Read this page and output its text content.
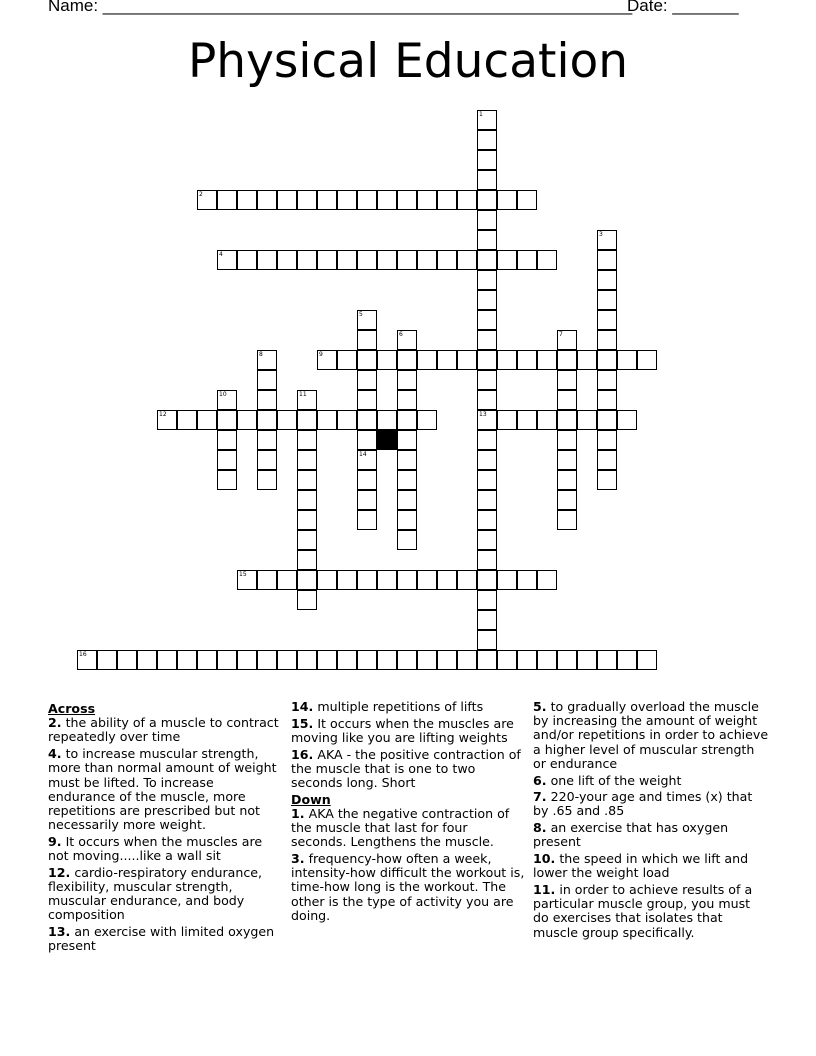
Name: ________________________________________________________
Date: _______
Physical Education
1
13
2
3
4
5
14
6	7
8	9
10	11
12
15
16
Across
2. the ability of a muscle to contract repeatedly over time
4. to increase muscular strength, more than normal amount of weight must be lifted. To increase endurance of the muscle, more repetitions are prescribed but not necessarily more weight.
9. It occurs when the muscles are not moving.....like a wall sit
12. cardio-respiratory endurance, flexibility, muscular strength, muscular endurance, and body composition
13. an exercise with limited oxygen present
14. multiple repetitions of lifts
15. It occurs when the muscles are moving like you are lifting weights
16. AKA - the positive contraction of the muscle that is one to two seconds long. Short
Down
1. AKA the negative contraction of the muscle that last for four seconds. Lengthens the muscle.
3. frequency-how often a week, intensity-how difficult the workout is, time-how long is the workout. The other is the type of activity you are doing.
5. to gradually overload the muscle by increasing the amount of weight and/or repetitions in order to achieve a higher level of muscular strength or endurance
6. one lift of the weight
7. 220-your age and times (x) that by .65 and .85
8. an exercise that has oxygen present
10. the speed in which we lift and lower the weight load
11. in order to achieve results of a particular muscle group, you must do exercises that isolates that muscle group specifically.
